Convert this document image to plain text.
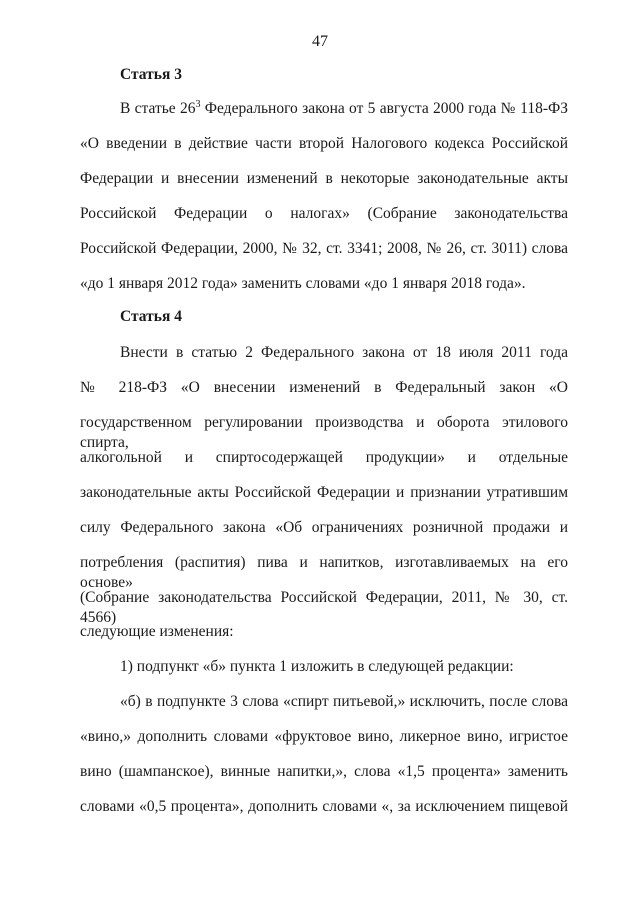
47
Статья 3
В статье $26^3$ Федерального закона от 5 августа 2000 года № 118-ФЗ
«О введении в действие части второй Налогового кодекса Российской
Федерации и внесении изменений в некоторые законодательные акты
Российской Федерации о налогах» (Собрание законодательства
Российской Федерации, 2000, № 32, ст. 3341; 2008, № 26, ст. 3011) слова
«до 1 января 2012 года» заменить словами «до 1 января 2018 года».
Статья 4
Внести в статью 2 Федерального закона от 18 июля 2011 года
№ 218-ФЗ «О внесении изменений в Федеральный закон «О
государственном регулировании производства и оборота этилового спирта,
алкогольной и спиртосодержащей продукции» и отдельные
законодательные акты Российской Федерации и признании утратившим
силу Федерального закона «Об ограничениях розничной продажи и
потребления (распития) пива и напитков, изготавливаемых на его основе»
(Собрание законодательства Российской Федерации, 2011, № 30, ст. 4566)
следующие изменения:
1) подпункт «б» пункта 1 изложить в следующей редакции:
«б) в подпункте 3 слова «спирт питьевой,» исключить, после слова
«вино,» дополнить словами «фруктовое вино, ликерное вино, игристое
вино (шампанское), винные напитки,», слова «1,5 процента» заменить
словами «0,5 процента», дополнить словами «, за исключением пищевой
